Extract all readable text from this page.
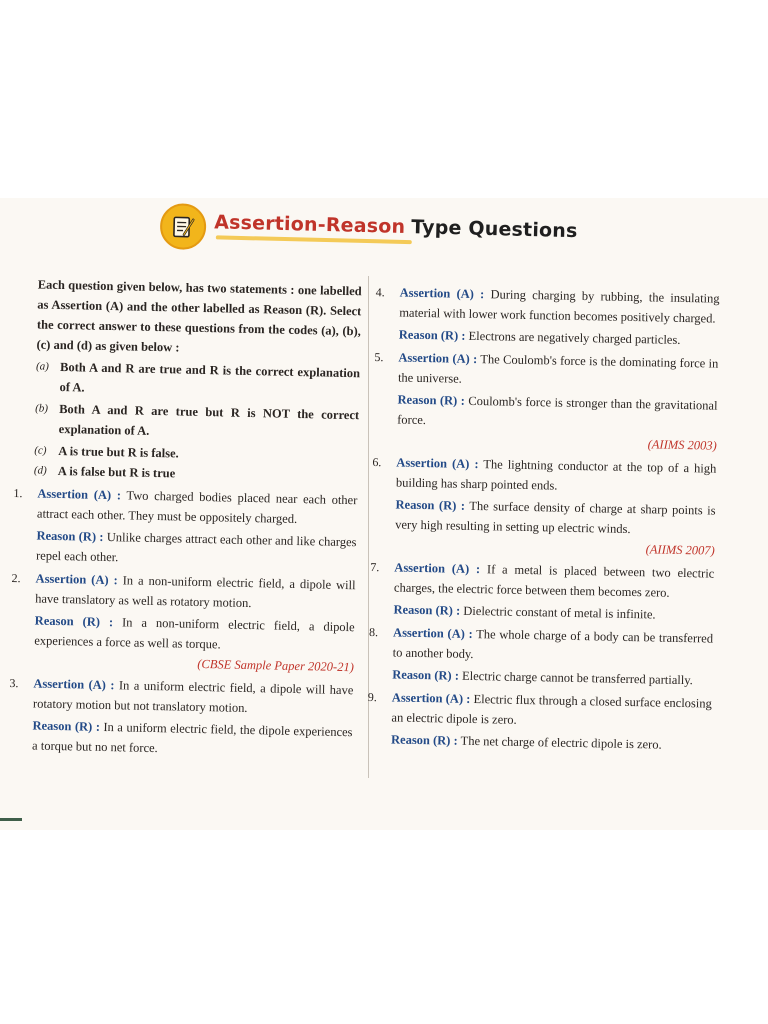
Assertion-Reason Type Questions
Each question given below, has two statements : one labelled as Assertion (A) and the other labelled as Reason (R). Select the correct answer to these questions from the codes (a), (b), (c) and (d) as given below :
(a) Both A and R are true and R is the correct explanation of A.
(b) Both A and R are true but R is NOT the correct explanation of A.
(c) A is true but R is false.
(d) A is false but R is true
1. Assertion (A) : Two charged bodies placed near each other attract each other. They must be oppositely charged.
Reason (R) : Unlike charges attract each other and like charges repel each other.
2. Assertion (A) : In a non-uniform electric field, a dipole will have translatory as well as rotatory motion.
Reason (R) : In a non-uniform electric field, a dipole experiences a force as well as torque.
(CBSE Sample Paper 2020-21)
3. Assertion (A) : In a uniform electric field, a dipole will have rotatory motion but not translatory motion.
Reason (R) : In a uniform electric field, the dipole experiences a torque but no net force.
4. Assertion (A) : During charging by rubbing, the insulating material with lower work function becomes positively charged.
Reason (R) : Electrons are negatively charged particles.
5. Assertion (A) : The Coulomb's force is the dominating force in the universe.
Reason (R) : Coulomb's force is stronger than the gravitational force.
(AIIMS 2003)
6. Assertion (A) : The lightning conductor at the top of a high building has sharp pointed ends.
Reason (R) : The surface density of charge at sharp points is very high resulting in setting up electric winds.
(AIIMS 2007)
7. Assertion (A) : If a metal is placed between two electric charges, the electric force between them becomes zero.
Reason (R) : Dielectric constant of metal is infinite.
8. Assertion (A) : The whole charge of a body can be transferred to another body.
Reason (R) : Electric charge cannot be transferred partially.
9. Assertion (A) : Electric flux through a closed surface enclosing an electric dipole is zero.
Reason (R) : The net charge of electric dipole is zero.
